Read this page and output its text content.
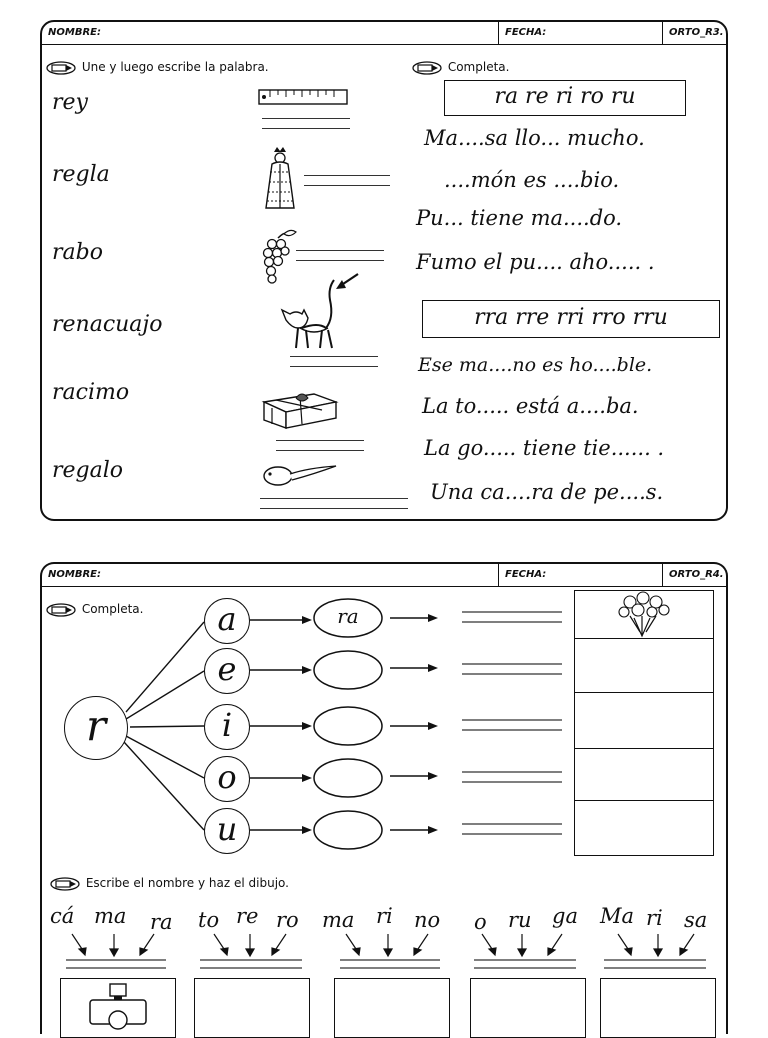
NOMBRE:	FECHA:	ORTO_R3.
Une y luego escribe la palabra.	Completa.
rey
regla
rabo
renacuajo
racimo
regalo
ra re ri ro ru
Ma....sa llo... mucho.
....món es ....bio.
Pu... tiene ma....do.
Fumo el pu.... aho..... .
rra rre rri rro rru
Ese ma....no es ho....ble.
La to..... está a....ba.
La go..... tiene tie...... .
Una ca....ra de pe....s.
NOMBRE:	FECHA:	ORTO_R4.
Completa.
r
a
e
i
o
u
ra
Escribe el nombre y haz el dibujo.
cá ma ra to re ro ma ri no o ru ga Ma ri sa
